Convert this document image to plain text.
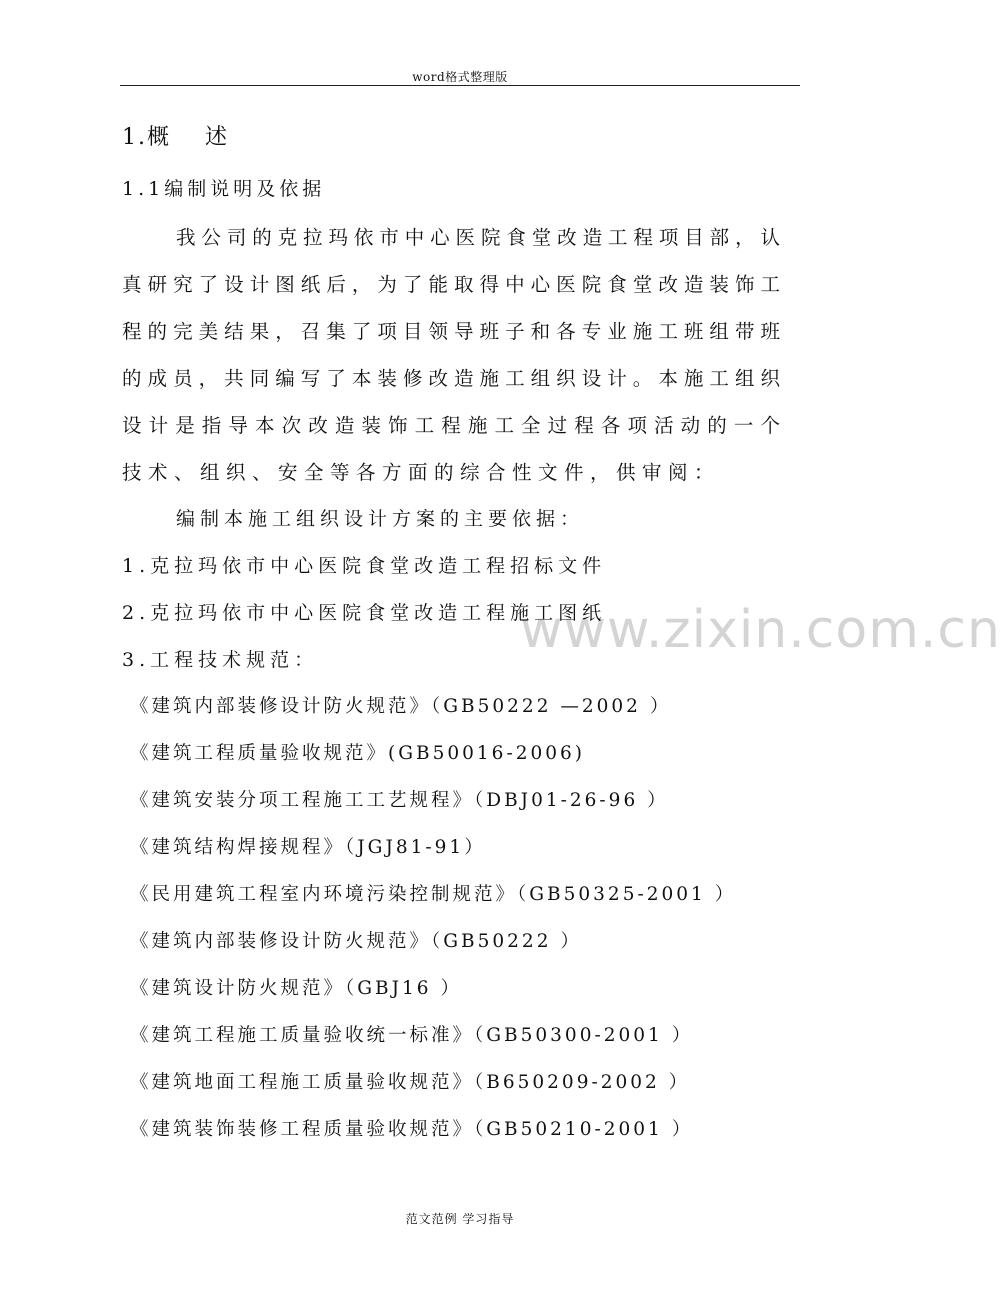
word格式整理版
www.zixin.com.cn
1.概 述
1.1编制说明及依据
我公司的克拉玛依市中心医院食堂改造工程项目部，认
真研究了设计图纸后，为了能取得中心医院食堂改造装饰工
程的完美结果，召集了项目领导班子和各专业施工班组带班
的成员，共同编写了本装修改造施工组织设计。本施工组织
设计是指导本次改造装饰工程施工全过程各项活动的一个
技术、组织、安全等各方面的综合性文件，供审阅：
编制本施工组织设计方案的主要依据：
1.克拉玛依市中心医院食堂改造工程招标文件
2.克拉玛依市中心医院食堂改造工程施工图纸
3.工程技术规范：
《建筑内部装修设计防火规范》（GB50222 —2002 ）
《建筑工程质量验收规范》(GB50016-2006)
《建筑安装分项工程施工工艺规程》（DBJ01-26-96 ）
《建筑结构焊接规程》（JGJ81-91）
《民用建筑工程室内环境污染控制规范》（GB50325-2001 ）
《建筑内部装修设计防火规范》（GB50222 ）
《建筑设计防火规范》（GBJ16 ）
《建筑工程施工质量验收统一标准》（GB50300-2001 ）
《建筑地面工程施工质量验收规范》（B650209-2002 ）
《建筑装饰装修工程质量验收规范》（GB50210-2001 ）
范文范例 学习指导
